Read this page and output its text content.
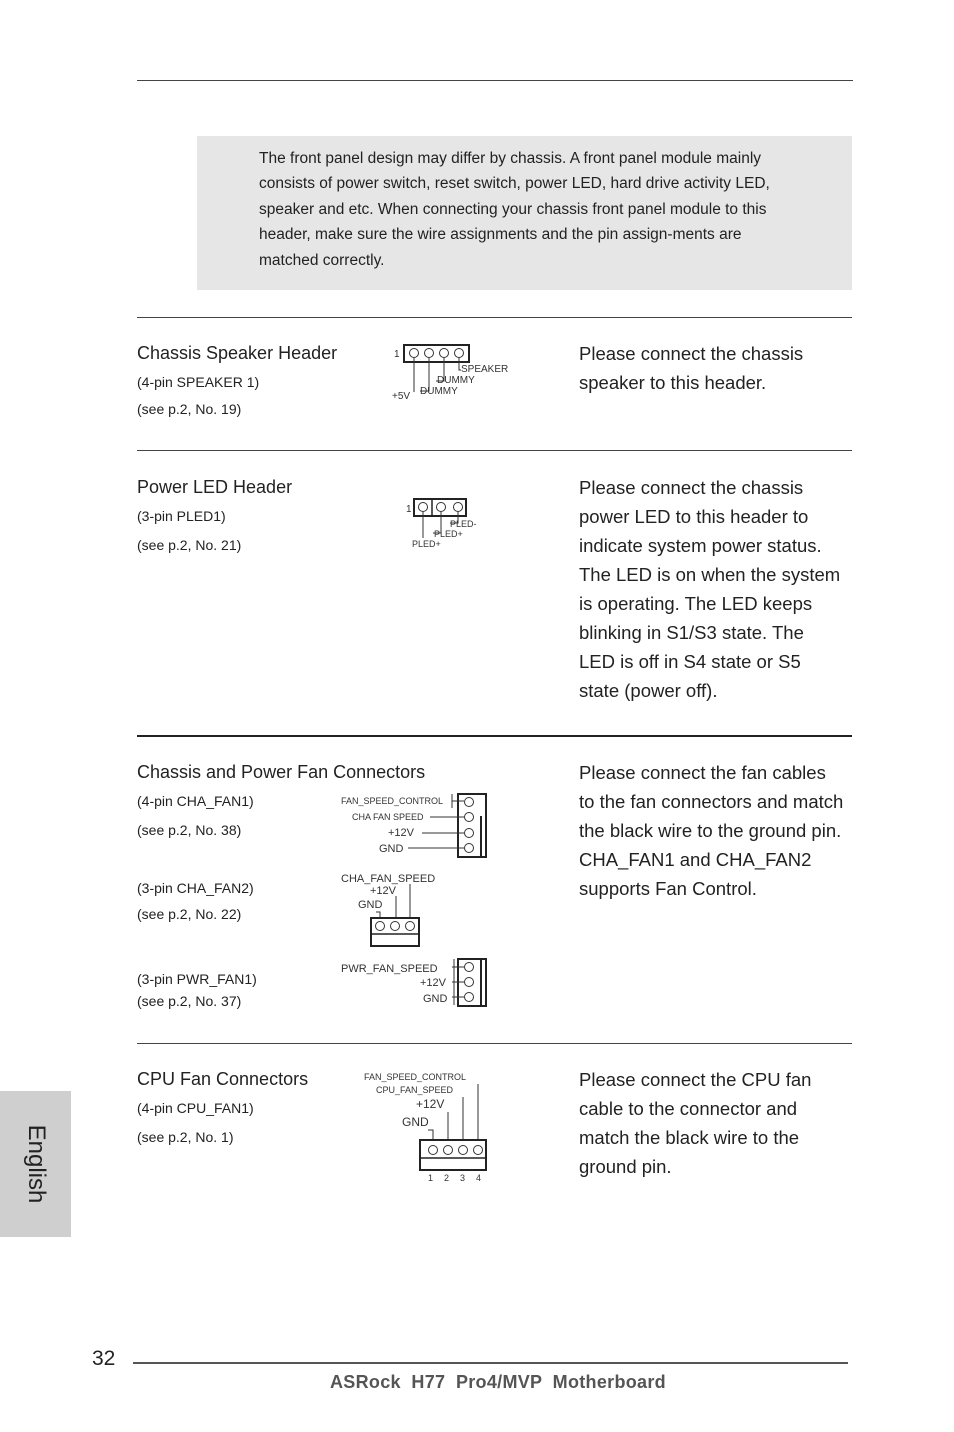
The front panel design may differ by chassis. A front panel module mainly
consists of power switch, reset switch, power LED, hard drive activity LED,
speaker and etc. When connecting your chassis front panel module to this
header, make sure the wire assignments and the pin assign-ments are
matched correctly.
Chassis Speaker Header
(4-pin SPEAKER 1)
(see p.2, No. 19)
1
SPEAKER
DUMMY
+5V DUMMY
Please connect the chassis
speaker to this header.
Power LED Header
(3-pin PLED1)
(see p.2, No. 21)
1
PLED-
PLED+
PLED+
Please connect the chassis
power LED to this header to
indicate system power status.
The LED is on when the system
is operating. The LED keeps
blinking in S1/S3 state. The
LED is off in S4 state or S5
state (power off).
Chassis and Power Fan Connectors
(4-pin CHA_FAN1)
(see p.2, No. 38)
(3-pin CHA_FAN2)
(see p.2, No. 22)
(3-pin PWR_FAN1)
(see p.2, No. 37)
FAN_SPEED_CONTROL
CHA FAN SPEED
+12V
GND
CHA_FAN_SPEED
+12V
GND
PWR_FAN_SPEED
+12V
GND
Please connect the fan cables
to the fan connectors and match
the black wire to the ground pin.
CHA_FAN1 and CHA_FAN2
supports Fan Control.
CPU Fan Connectors
(4-pin CPU_FAN1)
(see p.2, No. 1)
FAN_SPEED_CONTROL
CPU_FAN_SPEED
+12V
GND
1 2 3 4
Please connect the CPU fan
cable to the connector and
match the black wire to the
ground pin.
English
32
ASRock  H77  Pro4/MVP  Motherboard
